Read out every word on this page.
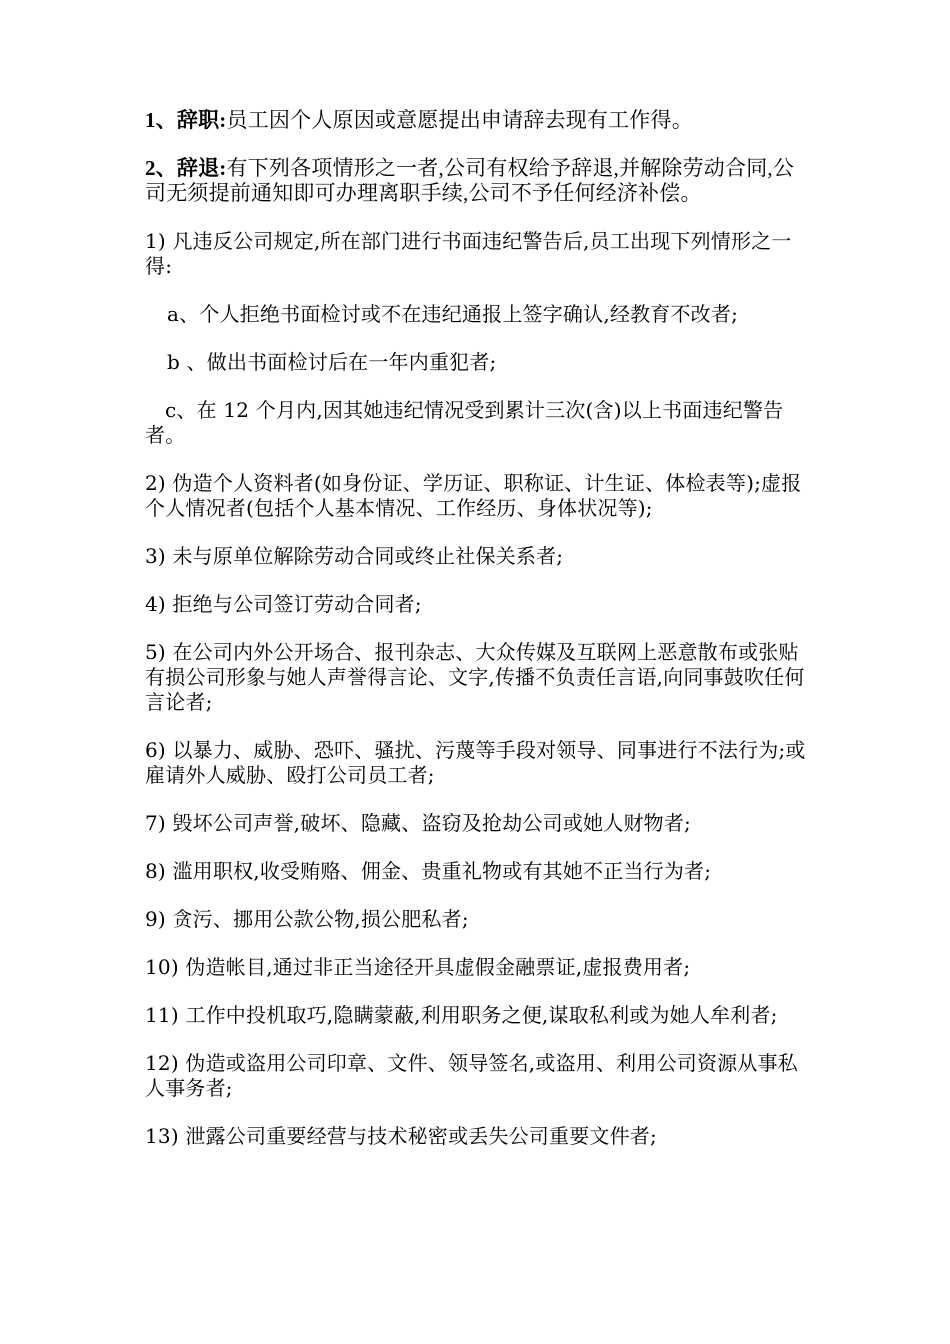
1、辞职:员工因个人原因或意愿提出申请辞去现有工作得。

2、辞退:有下列各项情形之一者,公司有权给予辞退,并解除劳动合同,公司无须提前通知即可办理离职手续,公司不予任何经济补偿。

1) 凡违反公司规定,所在部门进行书面违纪警告后,员工出现下列情形之一得:

a、个人拒绝书面检讨或不在违纪通报上签字确认,经教育不改者;

b 、做出书面检讨后在一年内重犯者;

c、在 12 个月内,因其她违纪情况受到累计三次(含)以上书面违纪警告者。

2) 伪造个人资料者(如身份证、学历证、职称证、计生证、体检表等);虚报个人情况者(包括个人基本情况、工作经历、身体状况等);

3) 未与原单位解除劳动合同或终止社保关系者;

4) 拒绝与公司签订劳动合同者;

5) 在公司内外公开场合、报刊杂志、大众传媒及互联网上恶意散布或张贴有损公司形象与她人声誉得言论、文字,传播不负责任言语,向同事鼓吹任何言论者;

6) 以暴力、威胁、恐吓、骚扰、污蔑等手段对领导、同事进行不法行为;或雇请外人威胁、殴打公司员工者;

7) 毁坏公司声誉,破坏、隐藏、盗窃及抢劫公司或她人财物者;

8) 滥用职权,收受贿赂、佣金、贵重礼物或有其她不正当行为者;

9) 贪污、挪用公款公物,损公肥私者;

10) 伪造帐目,通过非正当途径开具虚假金融票证,虚报费用者;

11) 工作中投机取巧,隐瞒蒙蔽,利用职务之便,谋取私利或为她人牟利者;

12) 伪造或盗用公司印章、文件、领导签名,或盗用、利用公司资源从事私人事务者;

13) 泄露公司重要经营与技术秘密或丢失公司重要文件者;
